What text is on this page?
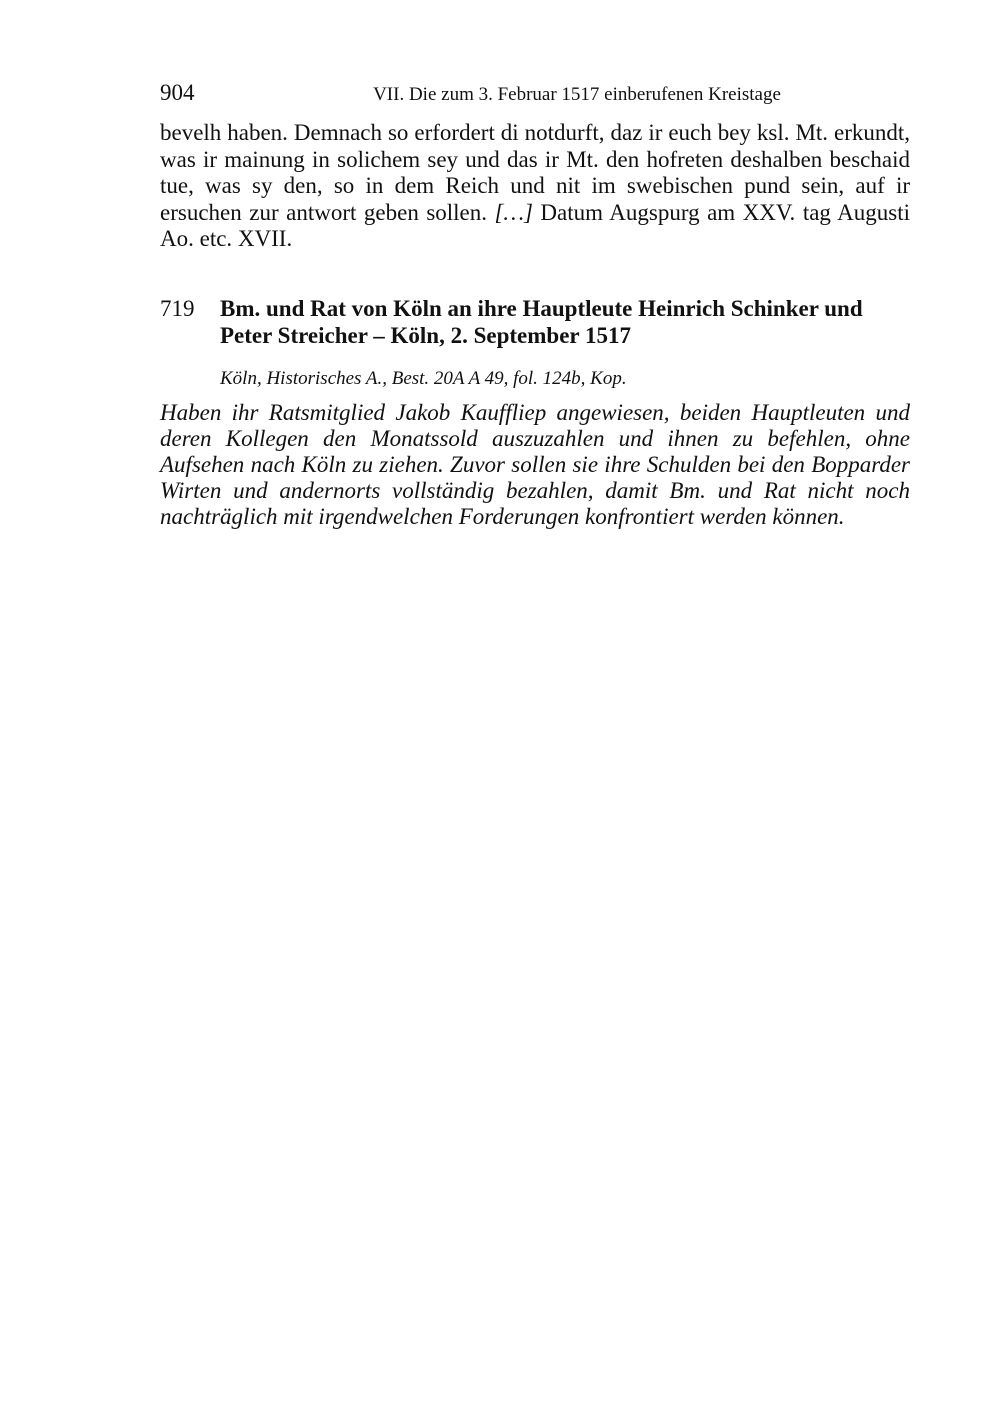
904	VII. Die zum 3. Februar 1517 einberufenen Kreistage
bevelh haben. Demnach so erfordert di notdurft, daz ir euch bey ksl. Mt. erkundt, was ir mainung in solichem sey und das ir Mt. den hofreten deshalben beschaid tue, was sy den, so in dem Reich und nit im swebischen pund sein, auf ir ersuchen zur antwort geben sollen. […] Datum Augspurg am XXV. tag Augusti Ao. etc. XVII.
719 Bm. und Rat von Köln an ihre Hauptleute Heinrich Schinker und Peter Streicher – Köln, 2. September 1517
Köln, Historisches A., Best. 20A A 49, fol. 124b, Kop.
Haben ihr Ratsmitglied Jakob Kauffliep angewiesen, beiden Hauptleuten und deren Kollegen den Monatssold auszuzahlen und ihnen zu befehlen, ohne Aufsehen nach Köln zu ziehen. Zuvor sollen sie ihre Schulden bei den Bopparder Wirten und andernorts vollständig bezahlen, damit Bm. und Rat nicht noch nachträglich mit irgendwelchen Forderungen konfrontiert werden können.
